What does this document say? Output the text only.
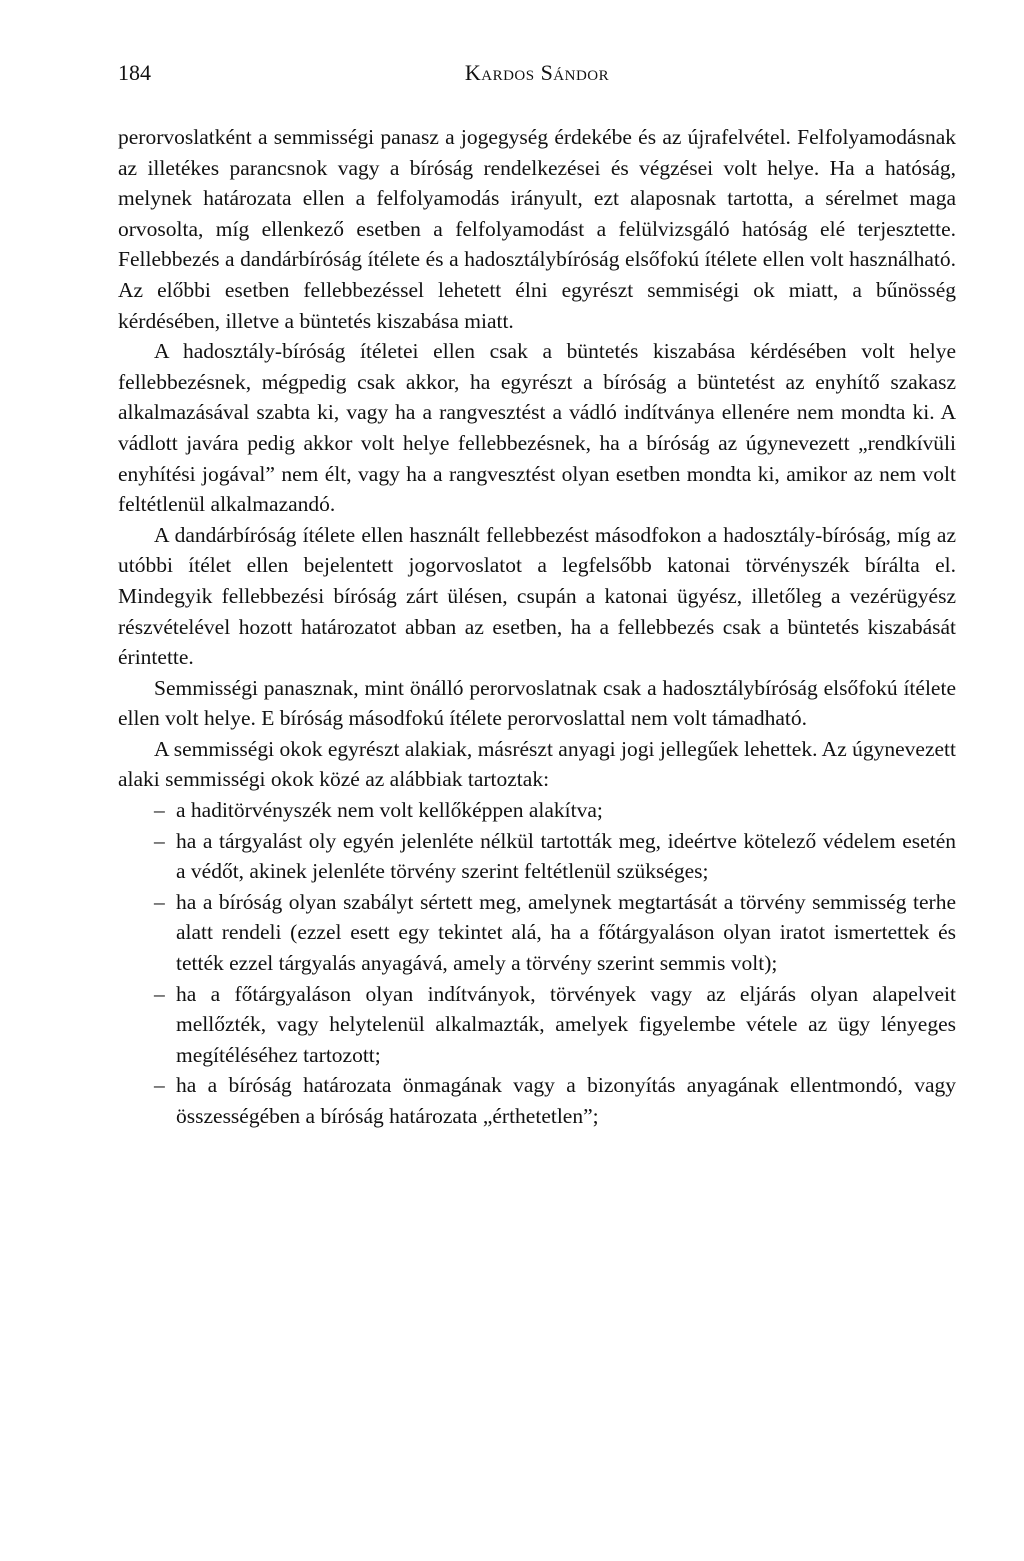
184	Kardos Sándor

perorvoslatként a semmisségi panasz a jogegység érdekébe és az újrafelvétel. Felfolyamodásnak az illetékes parancsnok vagy a bíróság rendelkezései és végzései volt helye. Ha a hatóság, melynek határozata ellen a felfolyamodás irányult, ezt alaposnak tartotta, a sérelmet maga orvosolta, míg ellenkező esetben a felfolyamodást a felülvizsgáló hatóság elé terjesztette. Fellebbezés a dandárbíróság ítélete és a hadosztálybíróság elsőfokú ítélete ellen volt használható. Az előbbi esetben fellebbezéssel lehetett élni egyrészt semmiségi ok miatt, a bűnösség kérdésében, illetve a büntetés kiszabása miatt.

A hadosztály-bíróság ítéletei ellen csak a büntetés kiszabása kérdésében volt helye fellebbezésnek, mégpedig csak akkor, ha egyrészt a bíróság a büntetést az enyhítő szakasz alkalmazásával szabta ki, vagy ha a rangvesztést a vádló indítványa ellenére nem mondta ki. A vádlott javára pedig akkor volt helye fellebbezésnek, ha a bíróság az úgynevezett „rendkívüli enyhítési jogával” nem élt, vagy ha a rangvesztést olyan esetben mondta ki, amikor az nem volt feltétlenül alkalmazandó.

A dandárbíróság ítélete ellen használt fellebbezést másodfokon a hadosztály-bíróság, míg az utóbbi ítélet ellen bejelentett jogorvoslatot a legfelsőbb katonai törvényszék bírálta el. Mindegyik fellebbezési bíróság zárt ülésen, csupán a katonai ügyész, illetőleg a vezérügyész részvételével hozott határozatot abban az esetben, ha a fellebbezés csak a büntetés kiszabását érintette.

Semmisségi panasznak, mint önálló perorvoslatnak csak a hadosztálybíróság elsőfokú ítélete ellen volt helye. E bíróság másodfokú ítélete perorvoslattal nem volt támadható.

A semmisségi okok egyrészt alakiak, másrészt anyagi jogi jellegűek lehettek. Az úgynevezett alaki semmisségi okok közé az alábbiak tartoztak:

– a haditörvényszék nem volt kellőképpen alakítva;
– ha a tárgyalást oly egyén jelenléte nélkül tartották meg, ideértve kötelező védelem esetén a védőt, akinek jelenléte törvény szerint feltétlenül szükséges;
– ha a bíróság olyan szabályt sértett meg, amelynek megtartását a törvény semmisség terhe alatt rendeli (ezzel esett egy tekintet alá, ha a főtárgyaláson olyan iratot ismertettek és tették ezzel tárgyalás anyagává, amely a törvény szerint semmis volt);
– ha a főtárgyaláson olyan indítványok, törvények vagy az eljárás olyan alapelveit mellőzték, vagy helytelenül alkalmazták, amelyek figyelembe vétele az ügy lényeges megítéléséhez tartozott;
– ha a bíróság határozata önmagának vagy a bizonyítás anyagának ellentmondó, vagy összességében a bíróság határozata „érthetetlen”;
